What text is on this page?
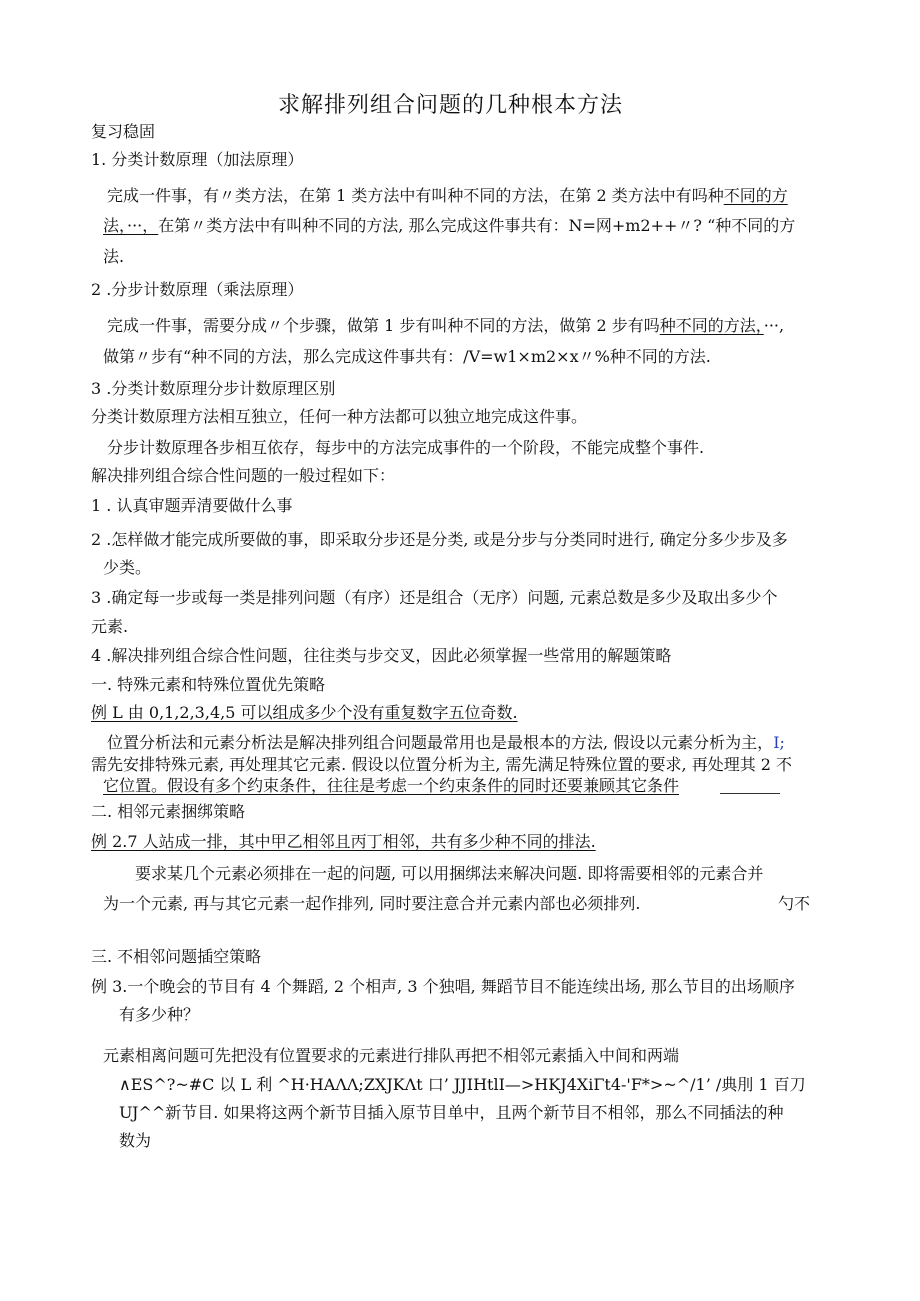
求解排列组合问题的几种根本方法
复习稳固
1. 分类计数原理（加法原理）
完成一件事，有〃类方法，在第 1 类方法中有叫种不同的方法，在第 2 类方法中有吗种不同的方
法，···，在第〃类方法中有叫种不同的方法, 那么完成这件事共有：N=网+m2++〃? “种不同的方
法.
2 .分步计数原理（乘法原理）
完成一件事，需要分成〃个步骤，做第 1 步有叫种不同的方法，做第 2 步有吗种不同的方法，···,
做第〃步有“种不同的方法，那么完成这件事共有：/V=w1×m2×x〃%种不同的方法.
3 .分类计数原理分步计数原理区别
分类计数原理方法相互独立，任何一种方法都可以独立地完成这件事。
分步计数原理各步相互依存，每步中的方法完成事件的一个阶段，不能完成整个事件.
解决排列组合综合性问题的一般过程如下：
1 . 认真审题弄清要做什么事
2 .怎样做才能完成所要做的事，即采取分步还是分类, 或是分步与分类同时进行, 确定分多少步及多
少类。
3 .确定每一步或每一类是排列问题（有序）还是组合（无序）问题, 元素总数是多少及取出多少个
元素.
4 .解决排列组合综合性问题，往往类与步交叉，因此必须掌握一些常用的解题策略
一. 特殊元素和特殊位置优先策略
例 L 由 0,1,2,3,4,5 可以组成多少个没有重复数字五位奇数.
位置分析法和元素分析法是解决排列组合问题最常用也是最根本的方法, 假设以元素分析为主，I;
需先安排特殊元素, 再处理其它元素. 假设以位置分析为主, 需先满足特殊位置的要求, 再处理其 2 不
它位置。假设有多个约束条件，往往是考虑一个约束条件的同时还要兼顾其它条件
二. 相邻元素捆绑策略
例 2.7 人站成一排，其中甲乙相邻且丙丁相邻，共有多少种不同的排法.
要求某几个元素必须排在一起的问题, 可以用捆绑法来解决问题. 即将需要相邻的元素合并
为一个元素, 再与其它元素一起作排列, 同时要注意合并元素内部也必须排列.	勺不
三. 不相邻问题插空策略
例 3.一个晚会的节目有 4 个舞蹈, 2 个相声, 3 个独唱, 舞蹈节目不能连续出场, 那么节目的出场顺序
有多少种？
元素相离问题可先把没有位置要求的元素进行排队再把不相邻元素插入中间和两端
∧ES^?~#C 以 L 利 ^H·HAΛΛ;ZXJKΛt 口’ JJIHtlI—>HKJ4XiΓt4-'F*>~^/1’ /典刖 1 百刀
UJ^^新节目. 如果将这两个新节目插入原节目单中，且两个新节目不相邻，那么不同插法的种
数为
